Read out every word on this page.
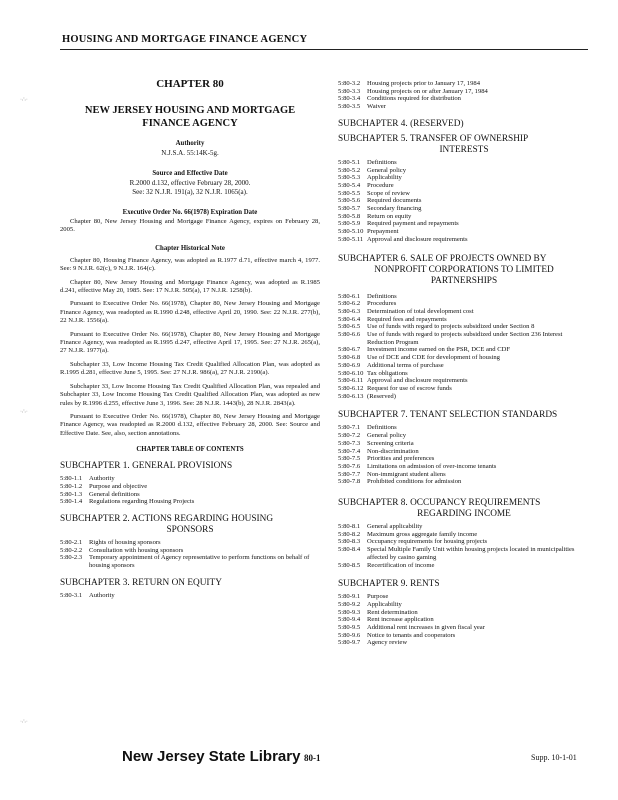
HOUSING AND MORTGAGE FINANCE AGENCY
·∴·
·∴·
·∴·
CHAPTER 80
NEW JERSEY HOUSING AND MORTGAGE FINANCE AGENCY
Authority
N.J.S.A. 55:14K-5g.
Source and Effective Date
R.2000 d.132, effective February 28, 2000.
See: 32 N.J.R. 191(a), 32 N.J.R. 1065(a).
Executive Order No. 66(1978) Expiration Date

Chapter 80, New Jersey Housing and Mortgage Finance Agency, expires on February 28, 2005.

Chapter Historical Note

Chapter 80, Housing Finance Agency, was adopted as R.1977 d.71, effective march 4, 1977. See: 9 N.J.R. 62(c), 9 N.J.R. 164(c).

Chapter 80, New Jersey Housing and Mortgage Finance Agency, was adopted as R.1985 d.241, effective May 20, 1985. See: 17 N.J.R. 505(a), 17 N.J.R. 1258(b).

Pursuant to Executive Order No. 66(1978), Chapter 80, New Jersey Housing and Mortgage Finance Agency, was readopted as R.1990 d.248, effective April 20, 1990. See: 22 N.J.R. 277(b), 22 N.J.R. 1556(a).

Pursuant to Executive Order No. 66(1978), Chapter 80, New Jersey Housing and Mortgage Finance Agency, was readopted as R.1995 d.247, effective April 17, 1995. See: 27 N.J.R. 265(a), 27 N.J.R. 1977(a).

Subchapter 33, Low Income Housing Tax Credit Qualified Allocation Plan, was adopted as R.1995 d.281, effective June 5, 1995. See: 27 N.J.R. 986(a), 27 N.J.R. 2190(a).

Subchapter 33, Low Income Housing Tax Credit Qualified Allocation Plan, was repealed and Subchapter 33, Low Income Housing Tax Credit Qualified Allocation Plan, was adopted as new rules by R.1996 d.255, effective June 3, 1996. See: 28 N.J.R. 1443(b), 28 N.J.R. 2843(a).

Pursuant to Executive Order No. 66(1978), Chapter 80, New Jersey Housing and Mortgage Finance Agency, was readopted as R.2000 d.132, effective February 28, 2000. See: Source and Effective Date. See, also, section annotations.

CHAPTER TABLE OF CONTENTS
SUBCHAPTER 1. GENERAL PROVISIONS
5:80-1.1	Authority
5:80-1.2	Purpose and objective
5:80-1.3	General definitions
5:80-1.4	Regulations regarding Housing Projects
SUBCHAPTER 2. ACTIONS REGARDING HOUSING
SPONSORS
5:80-2.1	Rights of housing sponsors
5:80-2.2	Consultation with housing sponsors
5:80-2.3	Temporary appointment of Agency representative to perform functions on behalf of housing sponsors
SUBCHAPTER 3. RETURN ON EQUITY
5:80-3.1	Authority
5:80-3.2	Housing projects prior to January 17, 1984
5:80-3.3	Housing projects on or after January 17, 1984
5:80-3.4	Conditions required for distribution
5:80-3.5	Waiver
SUBCHAPTER 4. (RESERVED)
SUBCHAPTER 5. TRANSFER OF OWNERSHIP
INTERESTS
5:80-5.1	Definitions
5:80-5.2	General policy
5:80-5.3	Applicability
5:80-5.4	Procedure
5:80-5.5	Scope of review
5:80-5.6	Required documents
5:80-5.7	Secondary financing
5:80-5.8	Return on equity
5:80-5.9	Required payment and repayments
5:80-5.10 Prepayment
5:80-5.11 Approval and disclosure requirements
SUBCHAPTER 6. SALE OF PROJECTS OWNED BY
NONPROFIT CORPORATIONS TO LIMITED
PARTNERSHIPS
5:80-6.1	Definitions
5:80-6.2	Procedures
5:80-6.3	Determination of total development cost
5:80-6.4	Required fees and repayments
5:80-6.5	Use of funds with regard to projects subsidized under Section 8
5:80-6.6	Use of funds with regard to projects subsidized under Section 236 Interest Reduction Program
5:80-6.7	Investment income earned on the PSR, DCE and CDF
5:80-6.8	Use of DCE and CDE for development of housing
5:80-6.9	Additional terms of purchase
5:80-6.10 Tax obligations
5:80-6.11 Approval and disclosure requirements
5:80-6.12 Request for use of escrow funds
5:80-6.13 (Reserved)
SUBCHAPTER 7. TENANT SELECTION STANDARDS
5:80-7.1	Definitions
5:80-7.2	General policy
5:80-7.3	Screening criteria
5:80-7.4	Non-discrimination
5:80-7.5	Priorities and preferences
5:80-7.6	Limitations on admission of over-income tenants
5:80-7.7	Non-immigrant student aliens
5:80-7.8	Prohibited conditions for admission
SUBCHAPTER 8. OCCUPANCY REQUIREMENTS
REGARDING INCOME
5:80-8.1	General applicability
5:80-8.2	Maximum gross aggregate family income
5:80-8.3	Occupancy requirements for housing projects
5:80-8.4	Special Multiple Family Unit within housing projects located in municipalities affected by casino gaming
5:80-8.5	Recertification of income
SUBCHAPTER 9. RENTS
5:80-9.1	Purpose
5:80-9.2	Applicability
5:80-9.3	Rent determination
5:80-9.4	Rent increase application
5:80-9.5	Additional rent increases in given fiscal year
5:80-9.6	Notice to tenants and cooperators
5:80-9.7	Agency review
New Jersey State Library 80-1	Supp. 10-1-01
